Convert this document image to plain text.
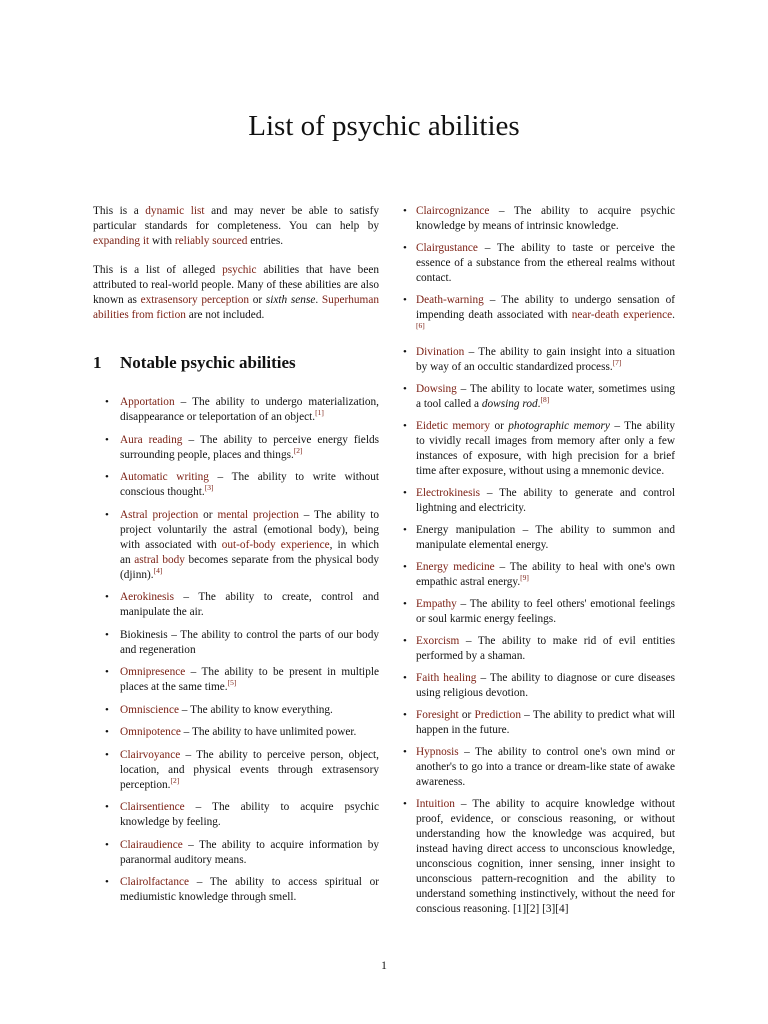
List of psychic abilities

This is a dynamic list and may never be able to satisfy particular standards for completeness. You can help by expanding it with reliably sourced entries.

This is a list of alleged psychic abilities that have been attributed to real-world people. Many of these abilities are also known as extrasensory perception or sixth sense. Superhuman abilities from fiction are not included.

1 Notable psychic abilities
• Apportation – The ability to undergo materialization, disappearance or teleportation of an object.[1]
• Aura reading – The ability to perceive energy fields surrounding people, places and things.[2]
• Automatic writing – The ability to write without conscious thought.[3]
• Astral projection or mental projection – The ability to project voluntarily the astral (emotional body), being with associated with out-of-body experience, in which an astral body becomes separate from the physical body (djinn).[4]
• Aerokinesis – The ability to create, control and manipulate the air.
• Biokinesis – The ability to control the parts of our body and regeneration
• Omnipresence – The ability to be present in multiple places at the same time.[5]
• Omniscience – The ability to know everything.
• Omnipotence – The ability to have unlimited power.
• Clairvoyance – The ability to perceive person, object, location, and physical events through extrasensory perception.[2]
• Clairsentience – The ability to acquire psychic knowledge by feeling.
• Clairaudience – The ability to acquire information by paranormal auditory means.
• Clairolfactance – The ability to access spiritual or mediumistic knowledge through smell.
• Claircognizance – The ability to acquire psychic knowledge by means of intrinsic knowledge.
• Clairgustance – The ability to taste or perceive the essence of a substance from the ethereal realms without contact.
• Death-warning – The ability to undergo sensation of impending death associated with near-death experience.[6]
• Divination – The ability to gain insight into a situation by way of an occultic standardized process.[7]
• Dowsing – The ability to locate water, sometimes using a tool called a dowsing rod.[8]
• Eidetic memory or photographic memory – The ability to vividly recall images from memory after only a few instances of exposure, with high precision for a brief time after exposure, without using a mnemonic device.
• Electrokinesis – The ability to generate and control lightning and electricity.
• Energy manipulation – The ability to summon and manipulate elemental energy.
• Energy medicine – The ability to heal with one's own empathic astral energy.[9]
• Empathy – The ability to feel others' emotional feelings or soul karmic energy feelings.
• Exorcism – The ability to make rid of evil entities performed by a shaman.
• Faith healing – The ability to diagnose or cure diseases using religious devotion.
• Foresight or Prediction – The ability to predict what will happen in the future.
• Hypnosis – The ability to control one's own mind or another's to go into a trance or dream-like state of awake awareness.
• Intuition – The ability to acquire knowledge without proof, evidence, or conscious reasoning, or without understanding how the knowledge was acquired, but instead having direct access to unconscious knowledge, unconscious cognition, inner sensing, inner insight to unconscious pattern-recognition and the ability to understand something instinctively, without the need for conscious reasoning. [1][2] [3][4]
1
